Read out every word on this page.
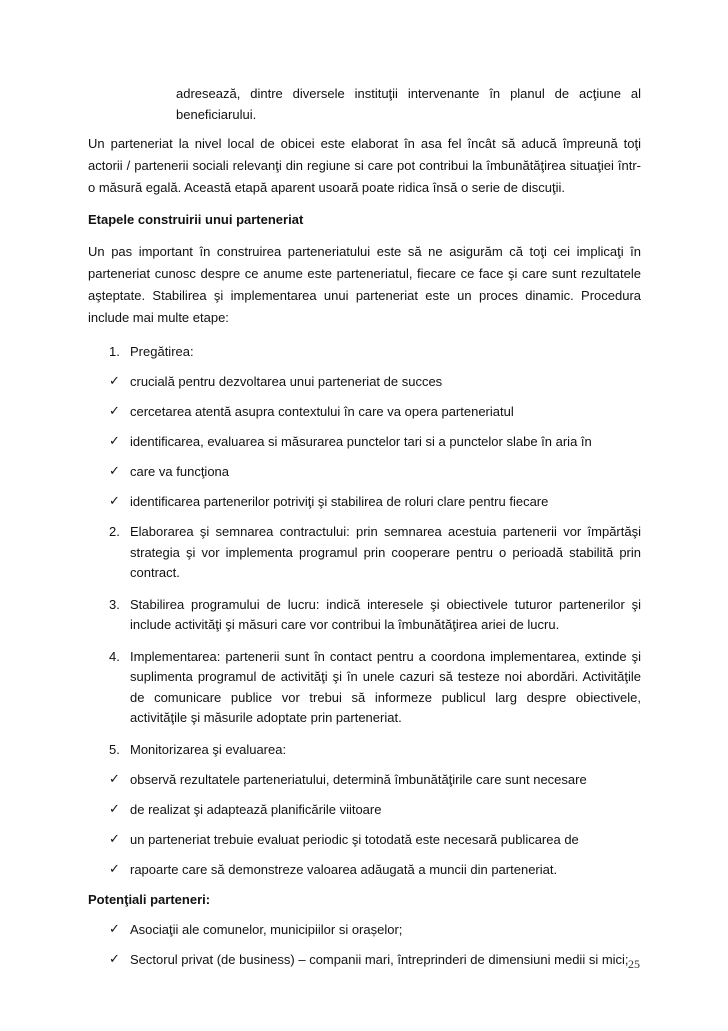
adresează, dintre diversele instituţii intervenante în planul de acţiune al beneficiarului.

Un parteneriat la nivel local de obicei este elaborat în asa fel încât să aducă împreună toţi actorii / partenerii sociali relevanţi din regiune si care pot contribui la îmbunătăţirea situaţiei într-o măsură egală. Această etapă aparent usoară poate ridica însă o serie de discuţii.

Etapele construirii unui parteneriat

Un pas important în construirea parteneriatului este să ne asigurăm că toţi cei implicaţi în parteneriat cunosc despre ce anume este parteneriatul, fiecare ce face şi care sunt rezultatele aşteptate. Stabilirea şi implementarea unui parteneriat este un proces dinamic. Procedura include mai multe etape:

1. Pregătirea:
✓ crucială pentru dezvoltarea unui parteneriat de succes
✓ cercetarea atentă asupra contextului în care va opera parteneriatul
✓ identificarea, evaluarea si măsurarea punctelor tari si a punctelor slabe în aria în
✓ care va funcţiona
✓ identificarea partenerilor potriviţi şi stabilirea de roluri clare pentru fiecare
2. Elaborarea şi semnarea contractului: prin semnarea acestuia partenerii vor împărtăşi strategia şi vor implementa programul prin cooperare pentru o perioadă stabilită prin contract.
3. Stabilirea programului de lucru: indică interesele şi obiectivele tuturor partenerilor şi include activităţi şi măsuri care vor contribui la îmbunătăţirea ariei de lucru.
4. Implementarea: partenerii sunt în contact pentru a coordona implementarea, extinde şi suplimenta programul de activităţi şi în unele cazuri să testeze noi abordări. Activităţile de comunicare publice vor trebui să informeze publicul larg despre obiectivele, activităţile şi măsurile adoptate prin parteneriat.
5. Monitorizarea şi evaluarea:
✓ observă rezultatele parteneriatului, determină îmbunătăţirile care sunt necesare
✓ de realizat şi adaptează planificările viitoare
✓ un parteneriat trebuie evaluat periodic şi totodată este necesară publicarea de
✓ rapoarte care să demonstreze valoarea adăugată a muncii din parteneriat.

Potenţiali parteneri:

✓ Asociaţii ale comunelor, municipiilor si orașelor;
✓ Sectorul privat (de business) – companii mari, întreprinderi de dimensiuni medii si mici; 25
